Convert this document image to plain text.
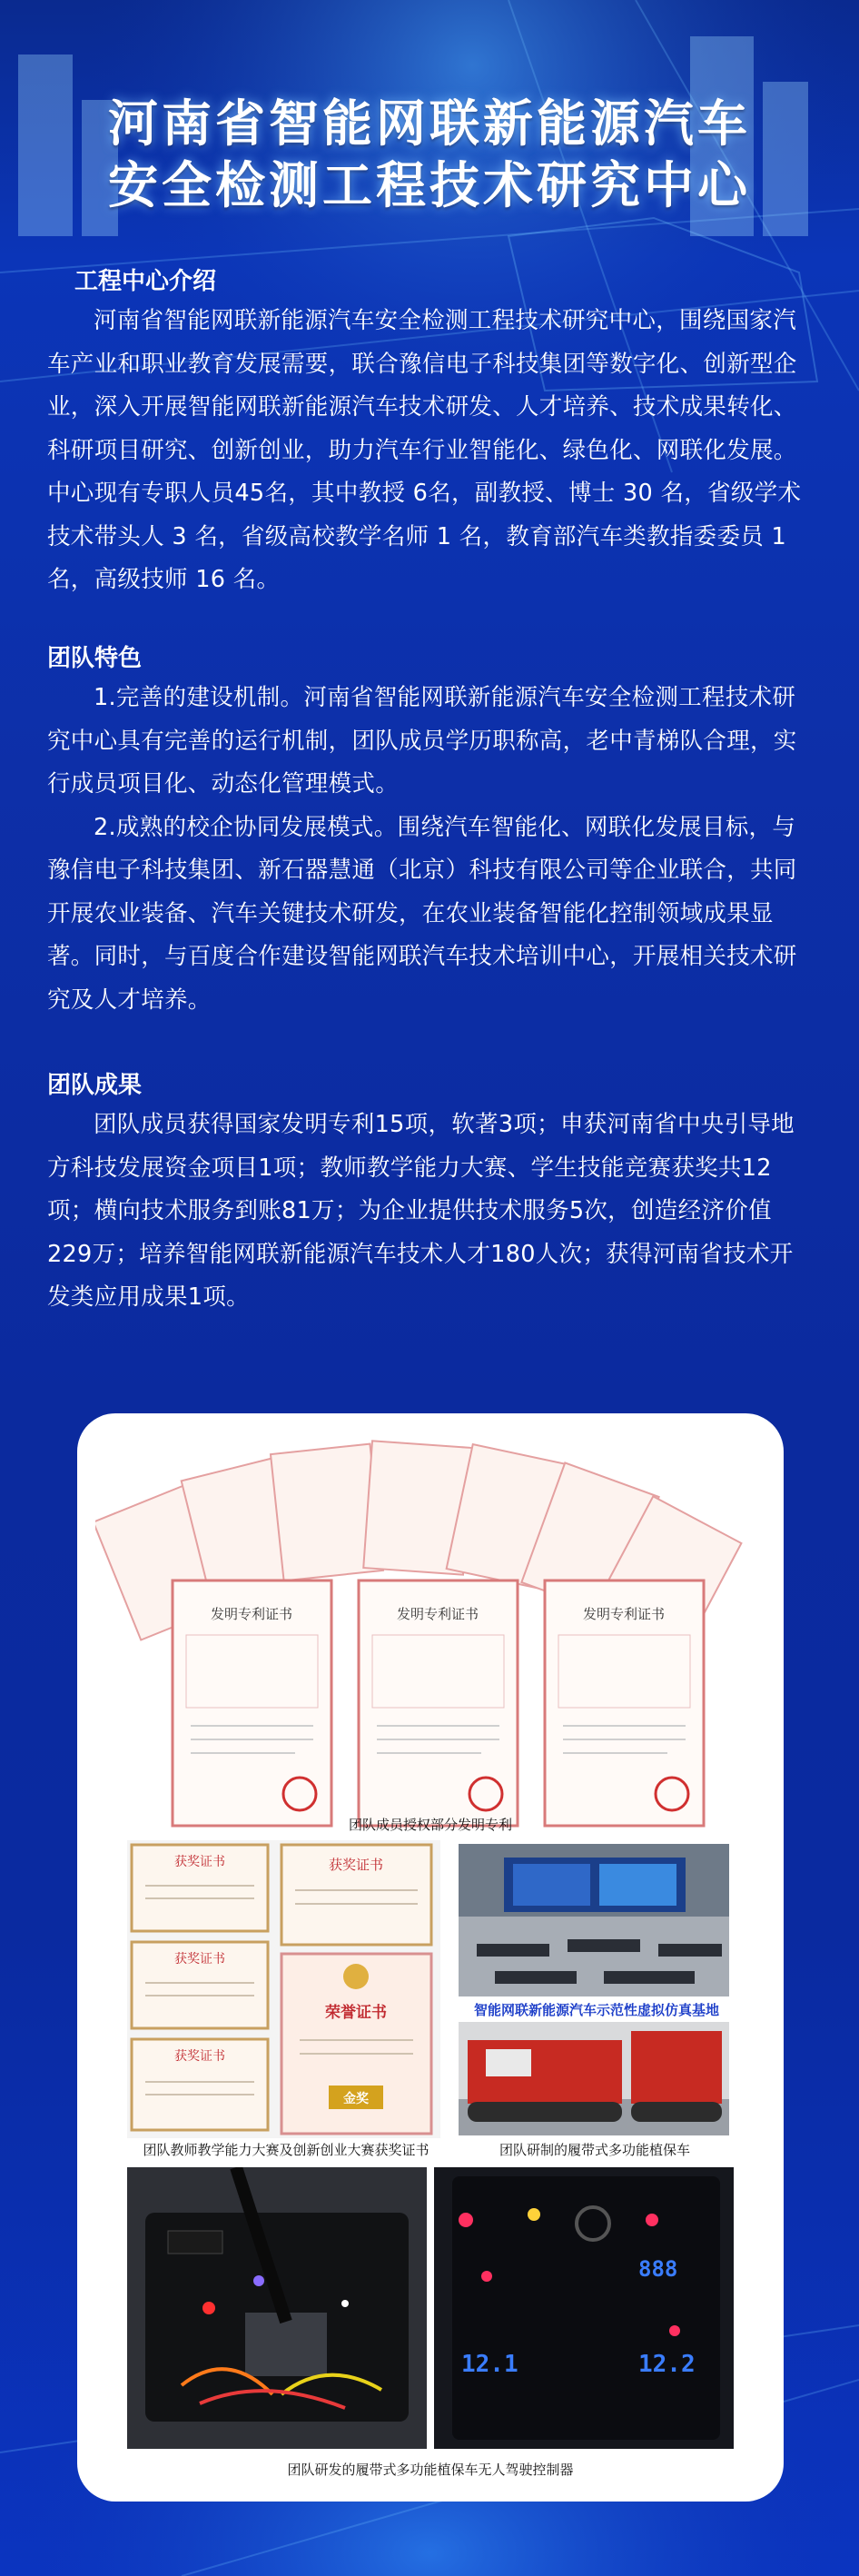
河南省智能网联新能源汽车
安全检测工程技术研究中心
工程中心介绍

河南省智能网联新能源汽车安全检测工程技术研究中心，围绕国家汽车产业和职业教育发展需要，联合豫信电子科技集团等数字化、创新型企业，深入开展智能网联新能源汽车技术研发、人才培养、技术成果转化、科研项目研究、创新创业，助力汽车行业智能化、绿色化、网联化发展。中心现有专职人员45名，其中教授 6名，副教授、博士 30 名，省级学术技术带头人 3 名，省级高校教学名师 1 名，教育部汽车类教指委委员 1 名，高级技师 16 名。

团队特色

1.完善的建设机制。河南省智能网联新能源汽车安全检测工程技术研究中心具有完善的运行机制，团队成员学历职称高，老中青梯队合理，实行成员项目化、动态化管理模式。

2.成熟的校企协同发展模式。围绕汽车智能化、网联化发展目标，与豫信电子科技集团、新石器慧通（北京）科技有限公司等企业联合，共同开展农业装备、汽车关键技术研发，在农业装备智能化控制领域成果显著。同时，与百度合作建设智能网联汽车技术培训中心，开展相关技术研究及人才培养。

团队成果

团队成员获得国家发明专利15项，软著3项；申获河南省中央引导地方科技发展资金项目1项；教师教学能力大赛、学生技能竞赛获奖共12项；横向技术服务到账81万；为企业提供技术服务5次，创造经济价值229万；培养智能网联新能源汽车技术人才180人次；获得河南省技术开发类应用成果1项。

发明专利证书	发明专利证书	发明专利证书
团队成员授权部分发明专利
获奖证书
获奖证书
获奖证书
获奖证书
荣誉证书
金奖
团队教师教学能力大赛及创新创业大赛获奖证书
智能网联新能源汽车示范性虚拟仿真基地
团队研制的履带式多功能植保车
888
12.1	12.2
团队研发的履带式多功能植保车无人驾驶控制器
